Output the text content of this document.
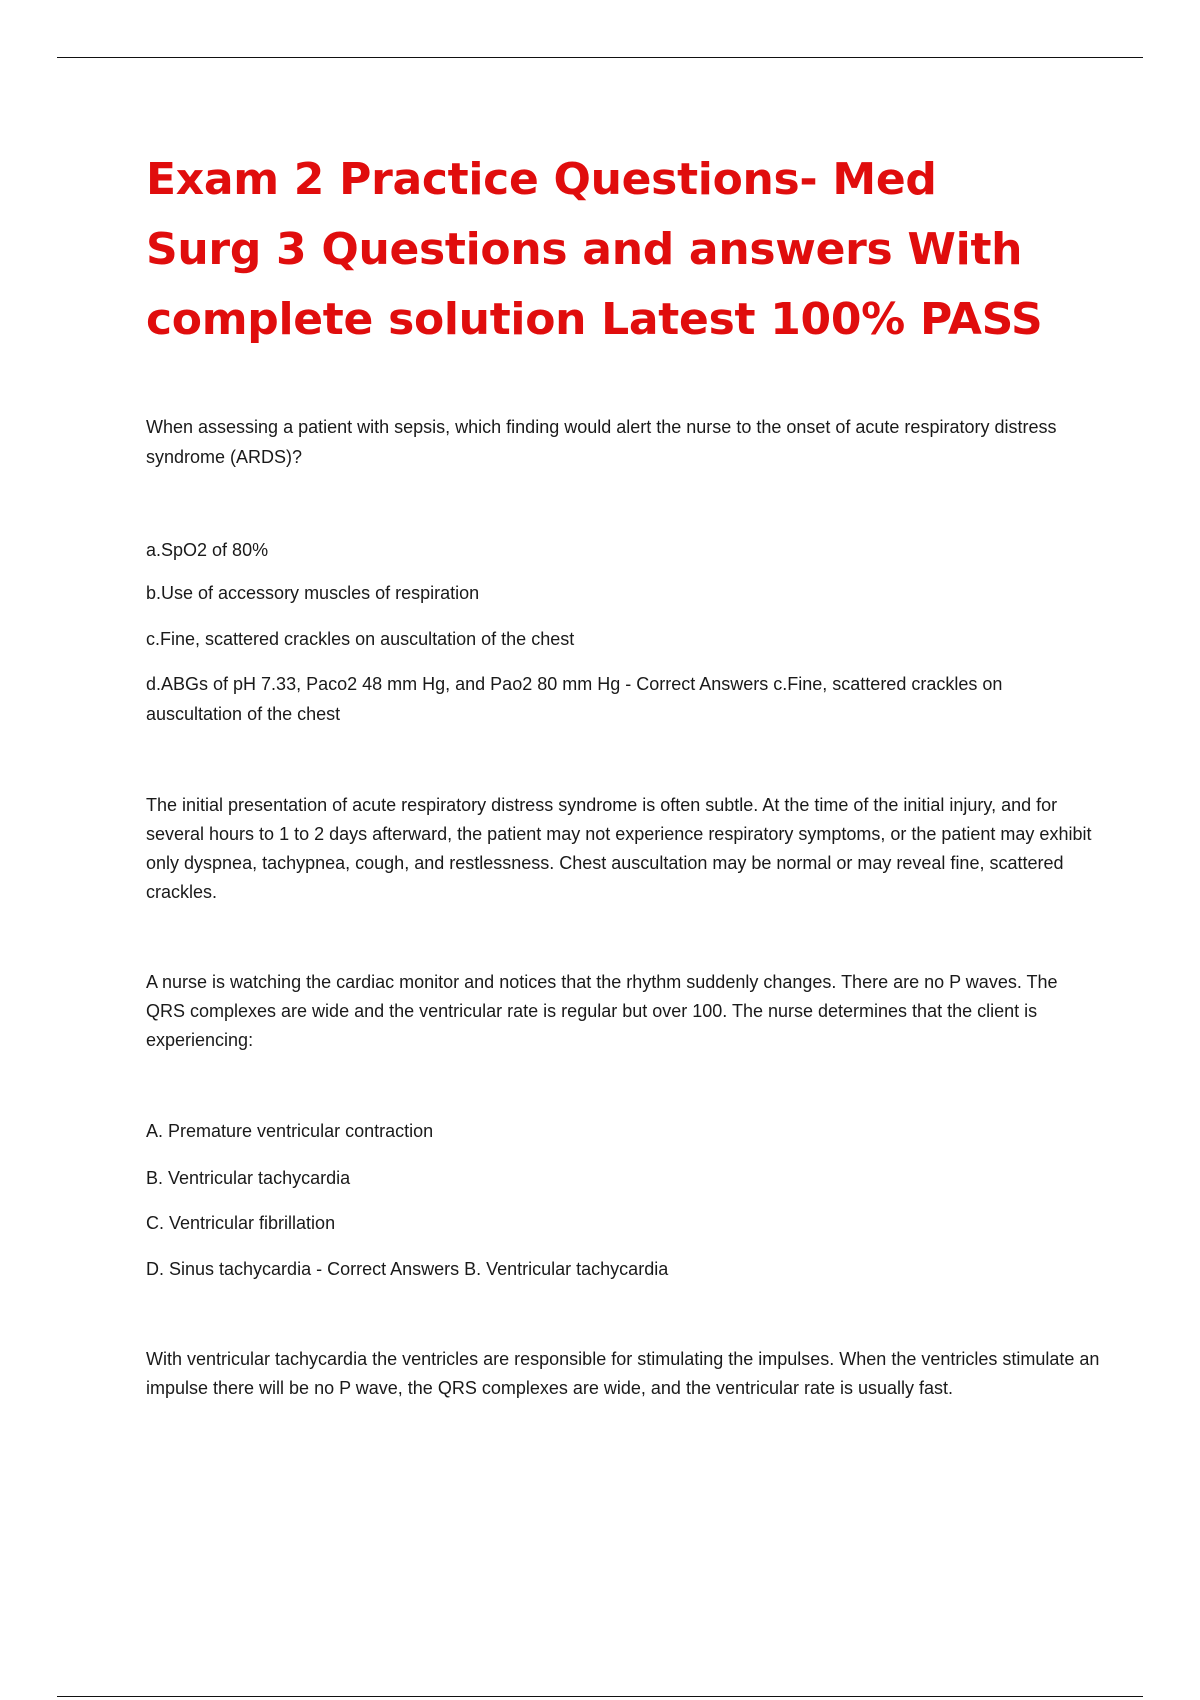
Exam 2 Practice Questions- Med Surg 3 Questions and answers With complete solution Latest 100% PASS

When assessing a patient with sepsis, which finding would alert the nurse to the onset of acute respiratory distress syndrome (ARDS)?

a.SpO2 of 80%

b.Use of accessory muscles of respiration

c.Fine, scattered crackles on auscultation of the chest

d.ABGs of pH 7.33, Paco2 48 mm Hg, and Pao2 80 mm Hg - Correct Answers c.Fine, scattered crackles on auscultation of the chest

The initial presentation of acute respiratory distress syndrome is often subtle. At the time of the initial injury, and for several hours to 1 to 2 days afterward, the patient may not experience respiratory symptoms, or the patient may exhibit only dyspnea, tachypnea, cough, and restlessness. Chest auscultation may be normal or may reveal fine, scattered crackles.

A nurse is watching the cardiac monitor and notices that the rhythm suddenly changes. There are no P waves. The QRS complexes are wide and the ventricular rate is regular but over 100. The nurse determines that the client is experiencing:

A. Premature ventricular contraction

B. Ventricular tachycardia

C. Ventricular fibrillation

D. Sinus tachycardia - Correct Answers B. Ventricular tachycardia

With ventricular tachycardia the ventricles are responsible for stimulating the impulses. When the ventricles stimulate an impulse there will be no P wave, the QRS complexes are wide, and the ventricular rate is usually fast.
